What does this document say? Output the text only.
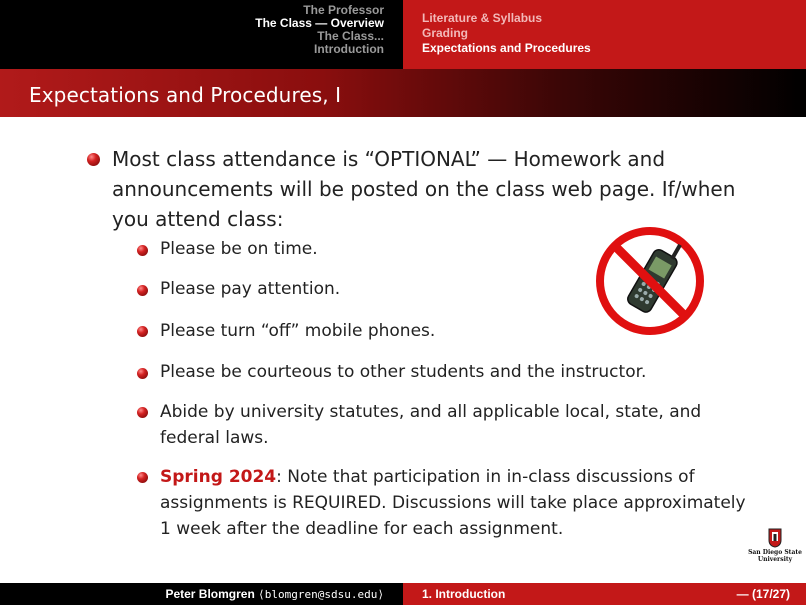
The Professor
The Class — Overview
The Class...
Introduction
Literature & Syllabus
Grading
Expectations and Procedures
Expectations and Procedures, I
Most class attendance is “OPTIONAL” — Homework and announcements will be posted on the class web page. If/when you attend class:
Please be on time.
Please pay attention.
Please turn “off” mobile phones.
Please be courteous to other students and the instructor.
Abide by university statutes, and all applicable local, state, and federal laws.
Spring 2024: Note that participation in in-class discussions of assignments is REQUIRED. Discussions will take place approximately 1 week after the deadline for each assignment.
San Diego State
University
Peter Blomgren ⟨blomgren@sdsu.edu⟩	1. Introduction	— (17/27)
